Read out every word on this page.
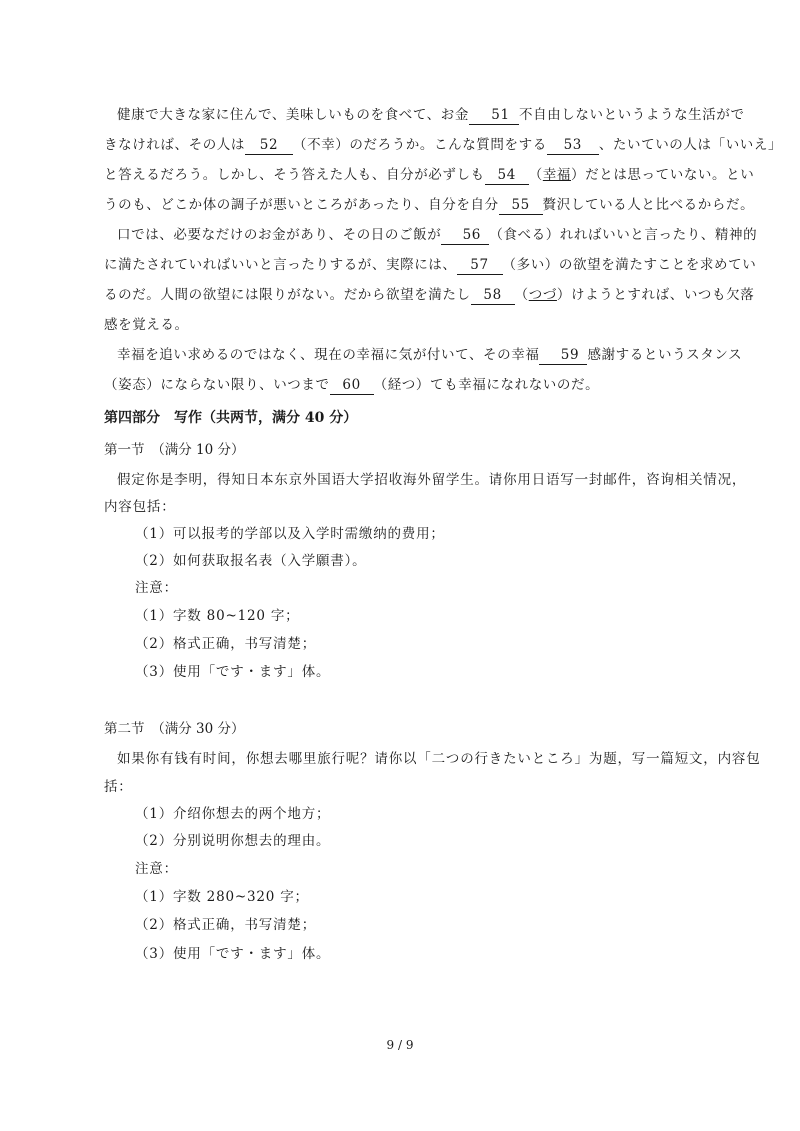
健康で大きな家に住んで、美味しいものを食べて、お金 51 不自由しないというような生活がで
きなければ、その人は 52 （不幸）のだろうか。こんな質問をする 53 、たいていの人は「いいえ」
と答えるだろう。しかし、そう答えた人も、自分が必ずしも 54 （幸福）だとは思っていない。とい
うのも、どこか体の調子が悪いところがあったり、自分を自分 55 贅沢している人と比べるからだ。
口では、必要なだけのお金があり、その日のご飯が 56 （食べる）れればいいと言ったり、精神的
に満たされていればいいと言ったりするが、実際には、 57 （多い）の欲望を満たすことを求めてい
るのだ。人間の欲望には限りがない。だから欲望を満たし 58 （つづ）けようとすれば、いつも欠落
感を覚える。
幸福を追い求めるのではなく、現在の幸福に気が付いて、その幸福 59 感謝するというスタンス
（姿态）にならない限り、いつまで 60 （経つ）ても幸福になれないのだ。
第四部分　写作（共两节，满分 40 分）
第一节　（满分 10 分）
假定你是李明，得知日本东京外国语大学招收海外留学生。请你用日语写一封邮件，咨询相关情况，
内容包括：
（1）可以报考的学部以及入学时需缴纳的费用；
（2）如何获取报名表（入学願書）。
注意：
（1）字数 80~120 字；
（2）格式正确，书写清楚；
（3）使用「です・ます」体。
第二节　（满分 30 分）
如果你有钱有时间，你想去哪里旅行呢？请你以「二つの行きたいところ」为题，写一篇短文，内容包
括：
（1）介绍你想去的两个地方；
（2）分别说明你想去的理由。
注意：
（1）字数 280~320 字；
（2）格式正确，书写清楚；
（3）使用「です・ます」体。
9 / 9
